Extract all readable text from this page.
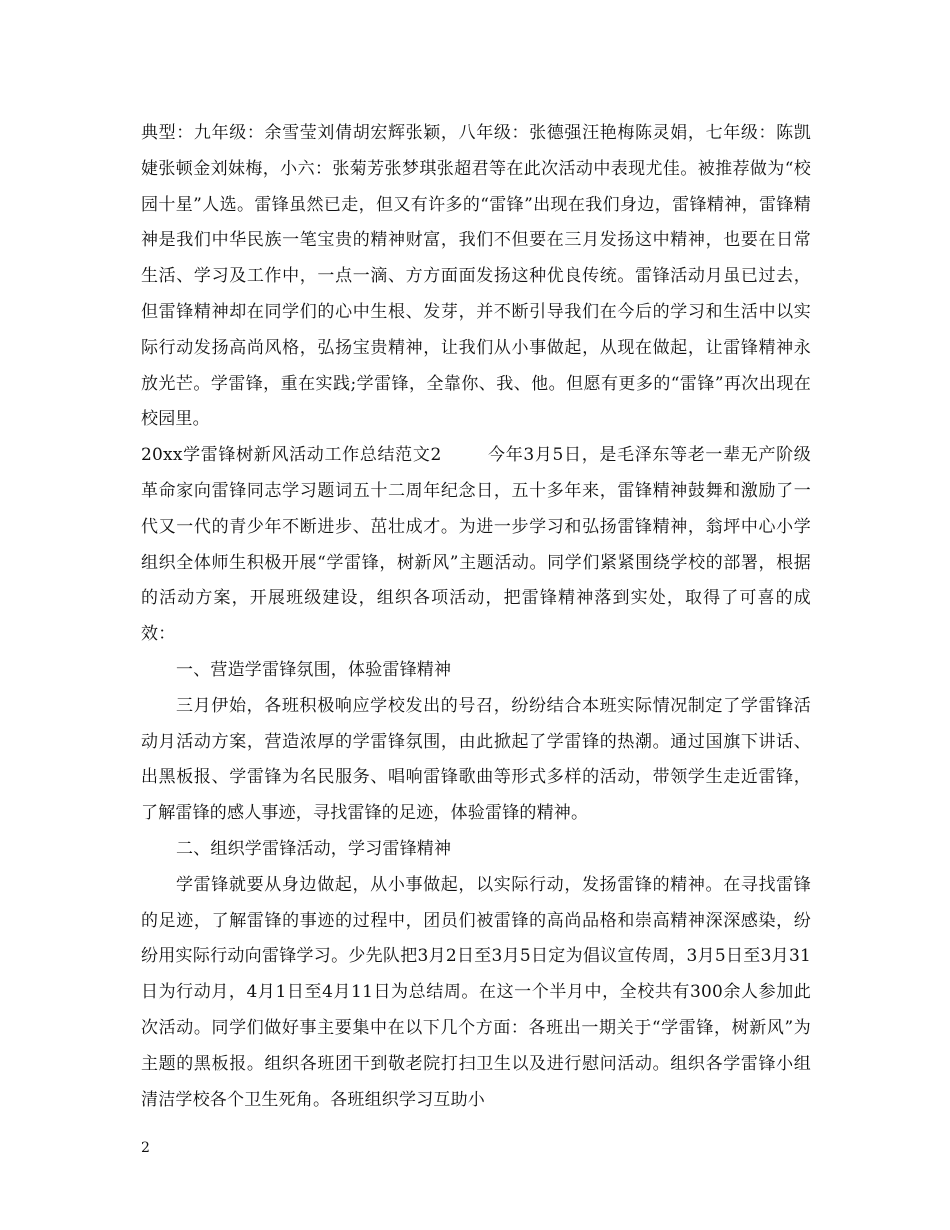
典型：九年级：余雪莹刘倩胡宏辉张颖，八年级：张德强汪艳梅陈灵娟，七年级：陈凯婕张顿金刘妹梅，小六：张菊芳张梦琪张超君等在此次活动中表现尤佳。被推荐做为“校园十星”人选。雷锋虽然已走，但又有许多的“雷锋”出现在我们身边，雷锋精神，雷锋精神是我们中华民族一笔宝贵的精神财富，我们不但要在三月发扬这中精神，也要在日常生活、学习及工作中，一点一滴、方方面面发扬这种优良传统。雷锋活动月虽已过去，但雷锋精神却在同学们的心中生根、发芽，并不断引导我们在今后的学习和生活中以实际行动发扬高尚风格，弘扬宝贵精神，让我们从小事做起，从现在做起，让雷锋精神永放光芒。学雷锋，重在实践;学雷锋，全靠你、我、他。但愿有更多的“雷锋”再次出现在校园里。

20xx学雷锋树新风活动工作总结范文2	今年3月5日，是毛泽东等老一辈无产阶级革命家向雷锋同志学习题词五十二周年纪念日，五十多年来，雷锋精神鼓舞和激励了一代又一代的青少年不断进步、茁壮成才。为进一步学习和弘扬雷锋精神，翁坪中心小学组织全体师生积极开展“学雷锋，树新风”主题活动。同学们紧紧围绕学校的部署，根据的活动方案，开展班级建设，组织各项活动，把雷锋精神落到实处，取得了可喜的成效：

一、营造学雷锋氛围，体验雷锋精神

三月伊始，各班积极响应学校发出的号召，纷纷结合本班实际情况制定了学雷锋活动月活动方案，营造浓厚的学雷锋氛围，由此掀起了学雷锋的热潮。通过国旗下讲话、出黑板报、学雷锋为名民服务、唱响雷锋歌曲等形式多样的活动，带领学生走近雷锋，了解雷锋的感人事迹，寻找雷锋的足迹，体验雷锋的精神。

二、组织学雷锋活动，学习雷锋精神

学雷锋就要从身边做起，从小事做起，以实际行动，发扬雷锋的精神。在寻找雷锋的足迹，了解雷锋的事迹的过程中，团员们被雷锋的高尚品格和崇高精神深深感染，纷纷用实际行动向雷锋学习。少先队把3月2日至3月5日定为倡议宣传周，3月5日至3月31日为行动月，4月1日至4月11日为总结周。在这一个半月中，全校共有300余人参加此次活动。同学们做好事主要集中在以下几个方面：各班出一期关于“学雷锋，树新风”为主题的黑板报。组织各班团干到敬老院打扫卫生以及进行慰问活动。组织各学雷锋小组清洁学校各个卫生死角。各班组织学习互助小

2
